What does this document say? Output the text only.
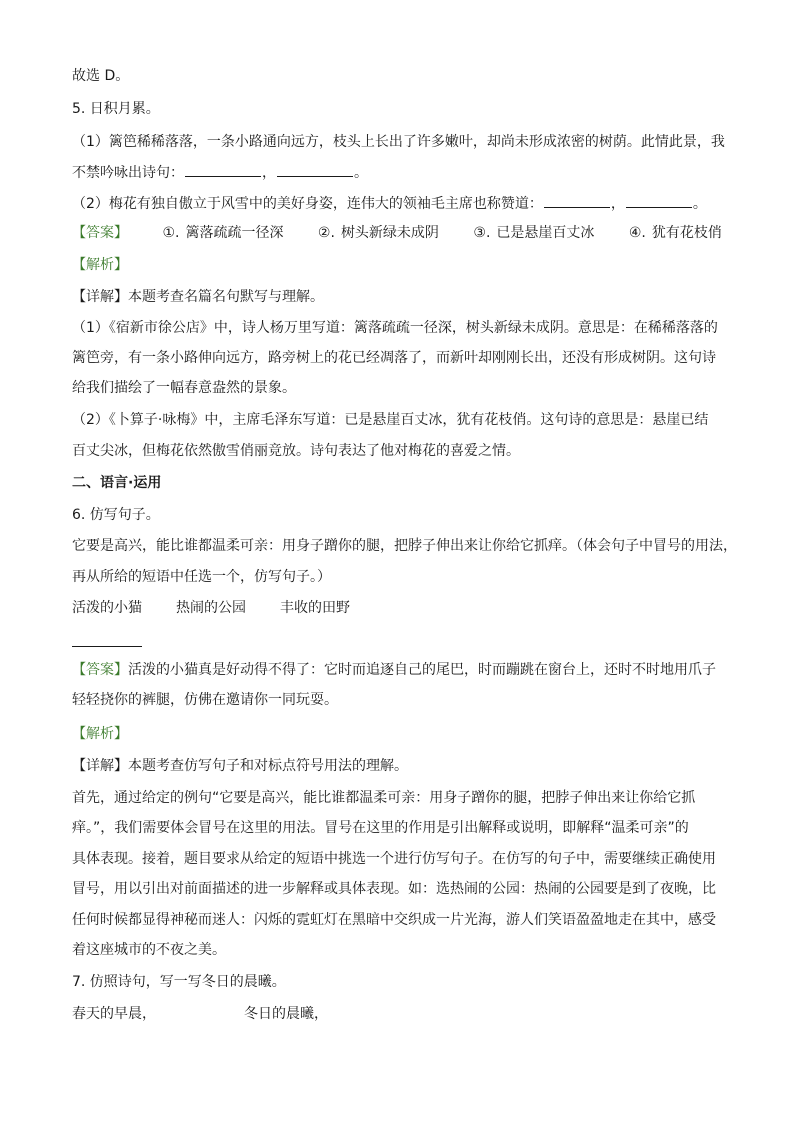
故选 D。
5. 日积月累。
（1）篱笆稀稀落落，一条小路通向远方，枝头上长出了许多嫩叶，却尚未形成浓密的树荫。此情此景，我
不禁吟咏出诗句：	，	。
（2）梅花有独自傲立于风雪中的美好身姿，连伟大的领袖毛主席也称赞道：	，	。
【答案】 ①. 篱落疏疏一径深 ②. 树头新绿未成阴 ③. 已是悬崖百丈冰 ④. 犹有花枝俏
【解析】
【详解】本题考查名篇名句默写与理解。
（1）《宿新市徐公店》中，诗人杨万里写道：篱落疏疏一径深，树头新绿未成阴。意思是：在稀稀落落的
篱笆旁，有一条小路伸向远方，路旁树上的花已经凋落了，而新叶却刚刚长出，还没有形成树阴。这句诗
给我们描绘了一幅春意盎然的景象。
（2）《卜算子·咏梅》中，主席毛泽东写道：已是悬崖百丈冰，犹有花枝俏。这句诗的意思是：悬崖已结
百丈尖冰，但梅花依然傲雪俏丽竞放。诗句表达了他对梅花的喜爱之情。
二、语言·运用
6. 仿写句子。
它要是高兴，能比谁都温柔可亲：用身子蹭你的腿，把脖子伸出来让你给它抓痒。（体会句子中冒号的用法，
再从所给的短语中任选一个，仿写句子。）
活泼的小猫 热闹的公园 丰收的田野
【答案】活泼的小猫真是好动得不得了：它时而追逐自己的尾巴，时而蹦跳在窗台上，还时不时地用爪子
轻轻挠你的裤腿，仿佛在邀请你一同玩耍。
【解析】
【详解】本题考查仿写句子和对标点符号用法的理解。
首先，通过给定的例句“它要是高兴，能比谁都温柔可亲：用身子蹭你的腿，把脖子伸出来让你给它抓
痒。”，我们需要体会冒号在这里的用法。冒号在这里的作用是引出解释或说明，即解释“温柔可亲”的
具体表现。接着，题目要求从给定的短语中挑选一个进行仿写句子。在仿写的句子中，需要继续正确使用
冒号，用以引出对前面描述的进一步解释或具体表现。如：选热闹的公园：热闹的公园要是到了夜晚，比
任何时候都显得神秘而迷人：闪烁的霓虹灯在黑暗中交织成一片光海，游人们笑语盈盈地走在其中，感受
着这座城市的不夜之美。
7. 仿照诗句，写一写冬日的晨曦。
春天的早晨，	冬日的晨曦，
